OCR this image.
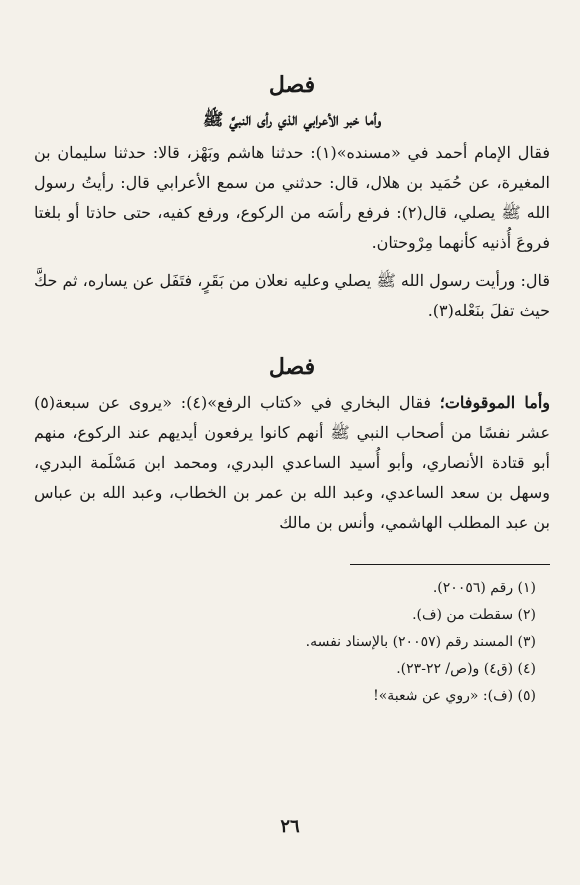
فصل
وأما خبر الأعرابي الذي رأى النبيَّ ﷺ

فقال الإمام أحمد في «مسنده»(١): حدثنا هاشم وبَهْز، قالا: حدثنا سليمان بن المغيرة، عن حُمَيد بن هلال، قال: حدثني من سمع الأعرابي قال: رأيتُ رسول الله ﷺ يصلي، قال(٢): فرفع رأسَه من الركوع، ورفع كفيه، حتى حاذتا أو بلغتا فروعَ أُذنيه كأنهما مِرْوحتان.

قال: ورأيت رسول الله ﷺ يصلي وعليه نعلان من بَقَرٍ، فتَفَل عن يساره، ثم حكَّ حيث تفلَ بنَعْله(٣).

فصل

وأما الموقوفات؛ فقال البخاري في «كتاب الرفع»(٤): «يروى عن سبعة(٥) عشر نفسًا من أصحاب النبي ﷺ أنهم كانوا يرفعون أيديهم عند الركوع، منهم أبو قتادة الأنصاري، وأبو أُسيد الساعدي البدري، ومحمد ابن مَسْلَمة البدري، وسهل بن سعد الساعدي، وعبد الله بن عمر بن الخطاب، وعبد الله بن عباس بن عبد المطلب الهاشمي، وأنس بن مالك

(١) رقم (٢٠٠٥٦).
(٢) سقطت من (ف).
(٣) المسند رقم (٢٠٠٥٧) بالإسناد نفسه.
(٤) (ق٤) و(ص/ ٢٢-٢٣).
(٥) (ف): «روي عن شعبة»!
٢٦
